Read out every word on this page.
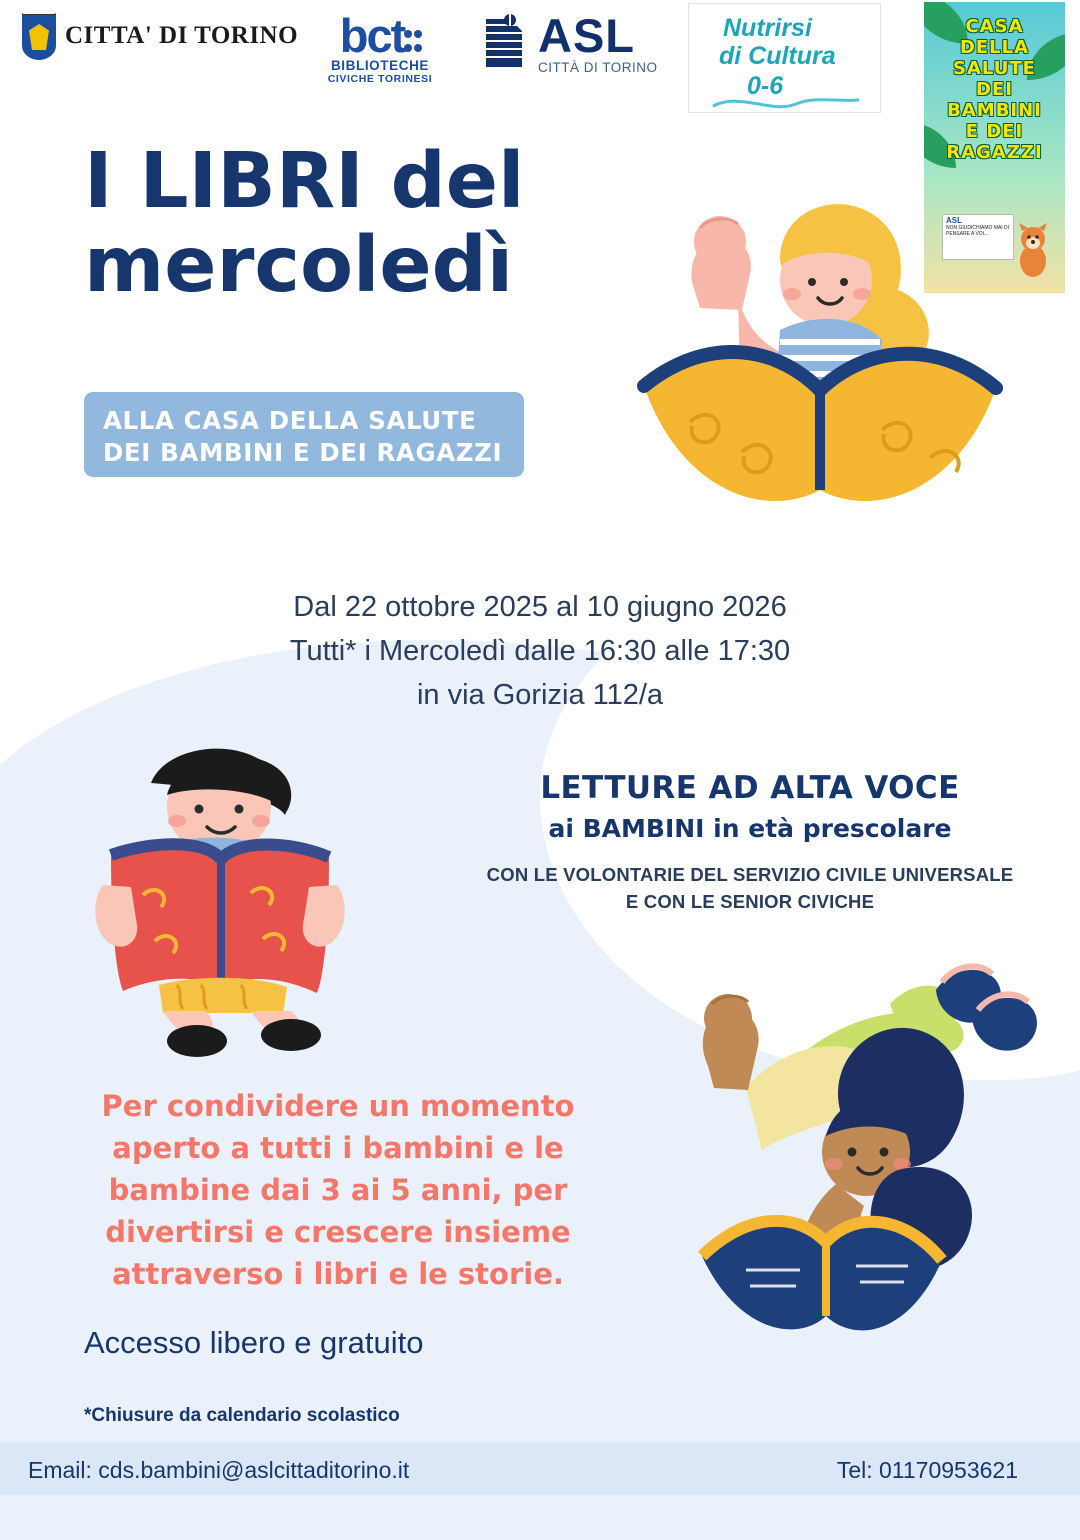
CITTA' DI TORINO bct
BIBLIOTECHE
CIVICHE TORINESI
ASL
CITTÀ DI TORINO
Nutrirsi
di Cultura
0-6
CASA
DELLA
SALUTE
DEI
BAMBINI
E DEI
RAGAZZI
ASL
NON GIUDICHIAMO MAI DI PENSARE A VOI...
I LIBRI del
mercoledì
ALLA CASA DELLA SALUTE
DEI BAMBINI E DEI RAGAZZI
Dal 22 ottobre 2025 al 10 giugno 2026
Tutti* i Mercoledì dalle 16:30 alle 17:30
in via Gorizia 112/a
LETTURE AD ALTA VOCE
ai BAMBINI in età prescolare
CON LE VOLONTARIE DEL SERVIZIO CIVILE UNIVERSALE
E CON LE SENIOR CIVICHE
Per condividere un momento aperto a tutti i bambini e le bambine dai 3 ai 5 anni, per divertirsi e crescere insieme attraverso i libri e le storie.
Accesso libero e gratuito
*Chiusure da calendario scolastico
Email: cds.bambini@aslcittaditorino.it	Tel: 01170953621
